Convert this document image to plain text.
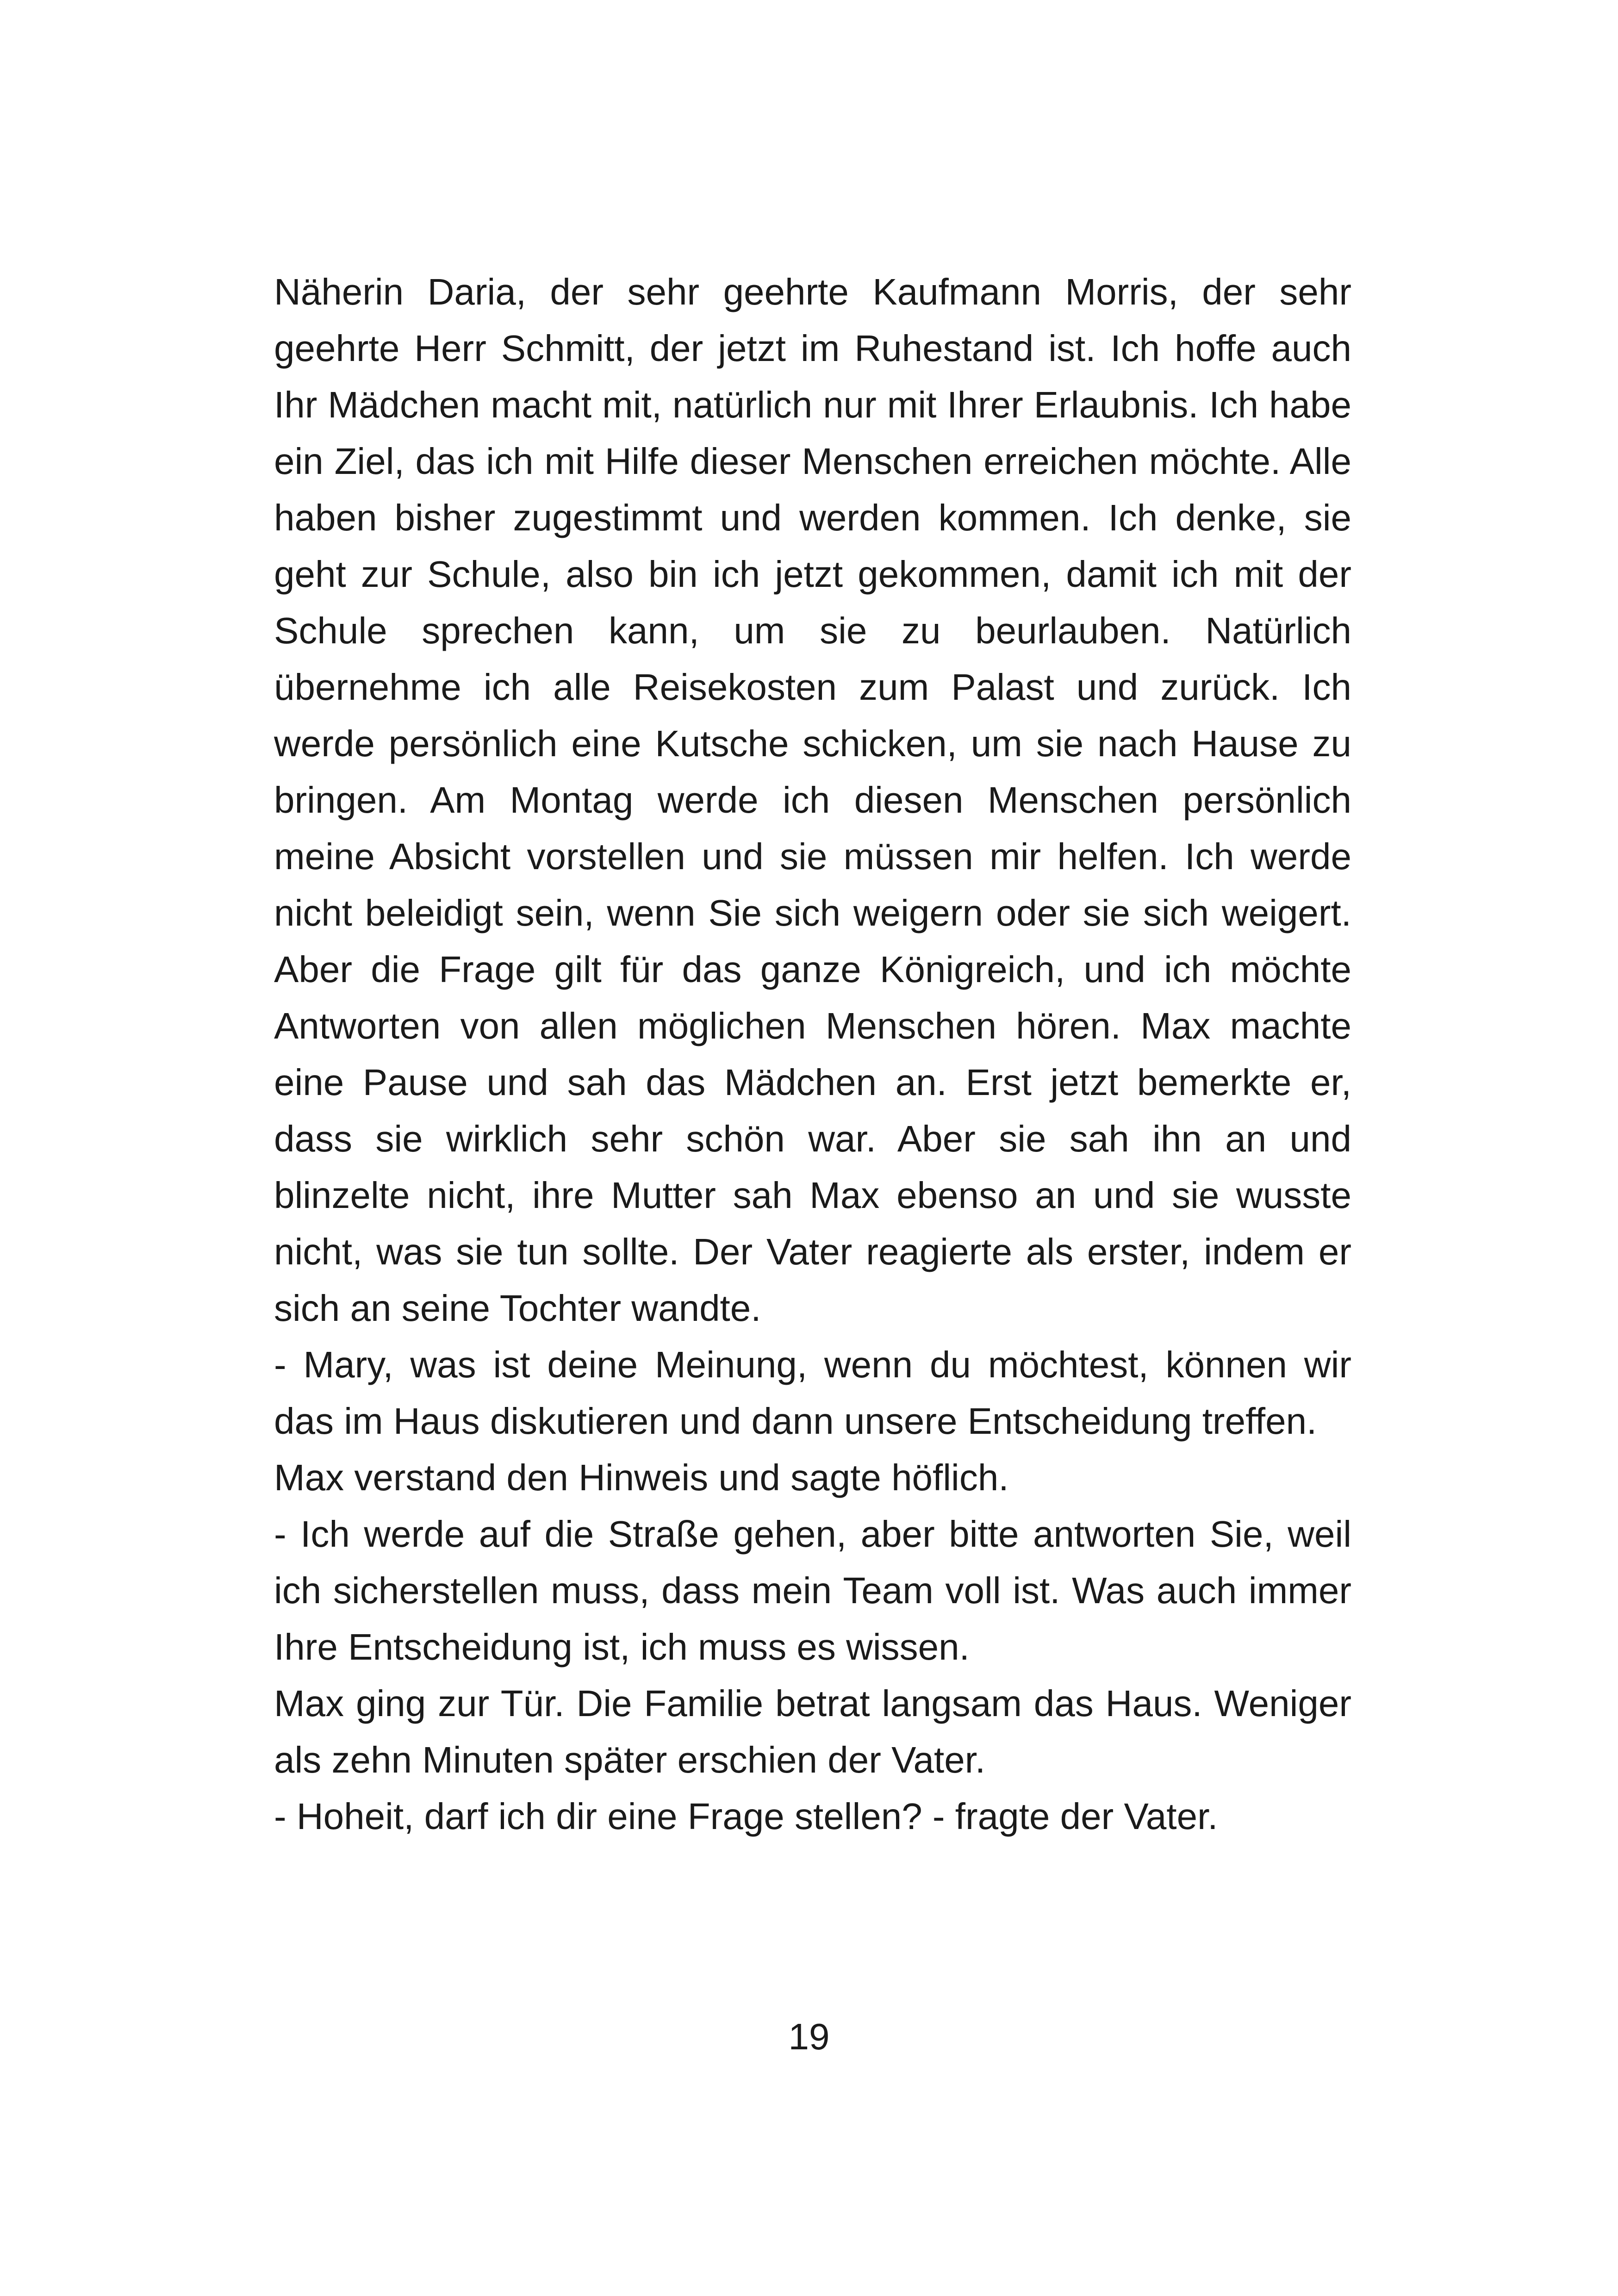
Näherin Daria, der sehr geehrte Kaufmann Morris, der sehr geehrte Herr Schmitt, der jetzt im Ruhestand ist. Ich hoffe auch Ihr Mädchen macht mit, natürlich nur mit Ihrer Erlaubnis. Ich habe ein Ziel, das ich mit Hilfe dieser Menschen erreichen möchte. Alle haben bisher zugestimmt und werden kommen. Ich denke, sie geht zur Schule, also bin ich jetzt gekommen, damit ich mit der Schule sprechen kann, um sie zu beurlauben. Natürlich übernehme ich alle Reisekosten zum Palast und zurück. Ich werde persönlich eine Kutsche schicken, um sie nach Hause zu bringen. Am Montag werde ich diesen Menschen persönlich meine Absicht vorstellen und sie müssen mir helfen. Ich werde nicht beleidigt sein, wenn Sie sich weigern oder sie sich weigert. Aber die Frage gilt für das ganze Königreich, und ich möchte Antworten von allen möglichen Menschen hören. Max machte eine Pause und sah das Mädchen an. Erst jetzt bemerkte er, dass sie wirklich sehr schön war. Aber sie sah ihn an und blinzelte nicht, ihre Mutter sah Max ebenso an und sie wusste nicht, was sie tun sollte. Der Vater reagierte als erster, indem er sich an seine Tochter wandte.

- Mary, was ist deine Meinung, wenn du möchtest, können wir das im Haus diskutieren und dann unsere Entscheidung treffen.

Max verstand den Hinweis und sagte höflich.

- Ich werde auf die Straße gehen, aber bitte antworten Sie, weil ich sicherstellen muss, dass mein Team voll ist. Was auch immer Ihre Entscheidung ist, ich muss es wissen.

Max ging zur Tür. Die Familie betrat langsam das Haus. Weniger als zehn Minuten später erschien der Vater.

- Hoheit, darf ich dir eine Frage stellen? - fragte der Vater.

19
